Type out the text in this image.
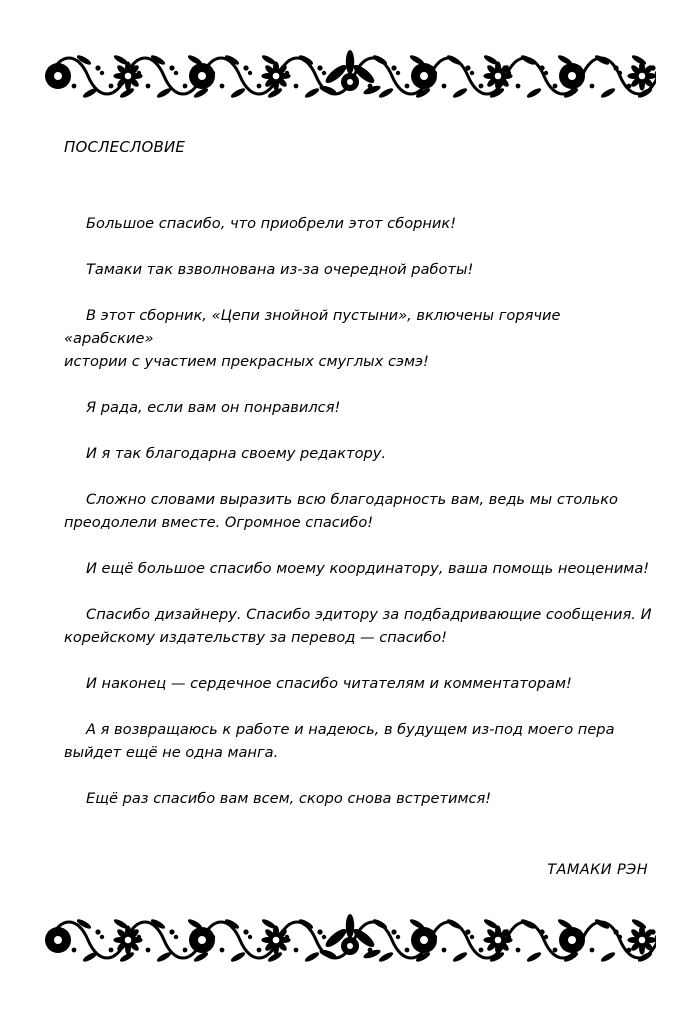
ПОСЛЕСЛОВИЕ

Большое спасибо, что приобрели этот сборник!

Тамаки так взволнована из-за очередной работы!

В этот сборник, «Цепи знойной пустыни», включены горячие «арабские»
истории с участием прекрасных смуглых сэмэ!

Я рада, если вам он понравился!

И я так благодарна своему редактору.

Сложно словами выразить всю благодарность вам, ведь мы столько
преодолели вместе. Огромное спасибо!

И ещё большое спасибо моему координатору, ваша помощь неоценима!

Спасибо дизайнеру. Спасибо эдитору за подбадривающие сообщения. И
корейскому издательству за перевод — спасибо!

И наконец — сердечное спасибо читателям и комментаторам!

А я возвращаюсь к работе и надеюсь, в будущем из-под моего пера
выйдет ещё не одна манга.

Ещё раз спасибо вам всем, скоро снова встретимся!

ТАМАКИ РЭН
